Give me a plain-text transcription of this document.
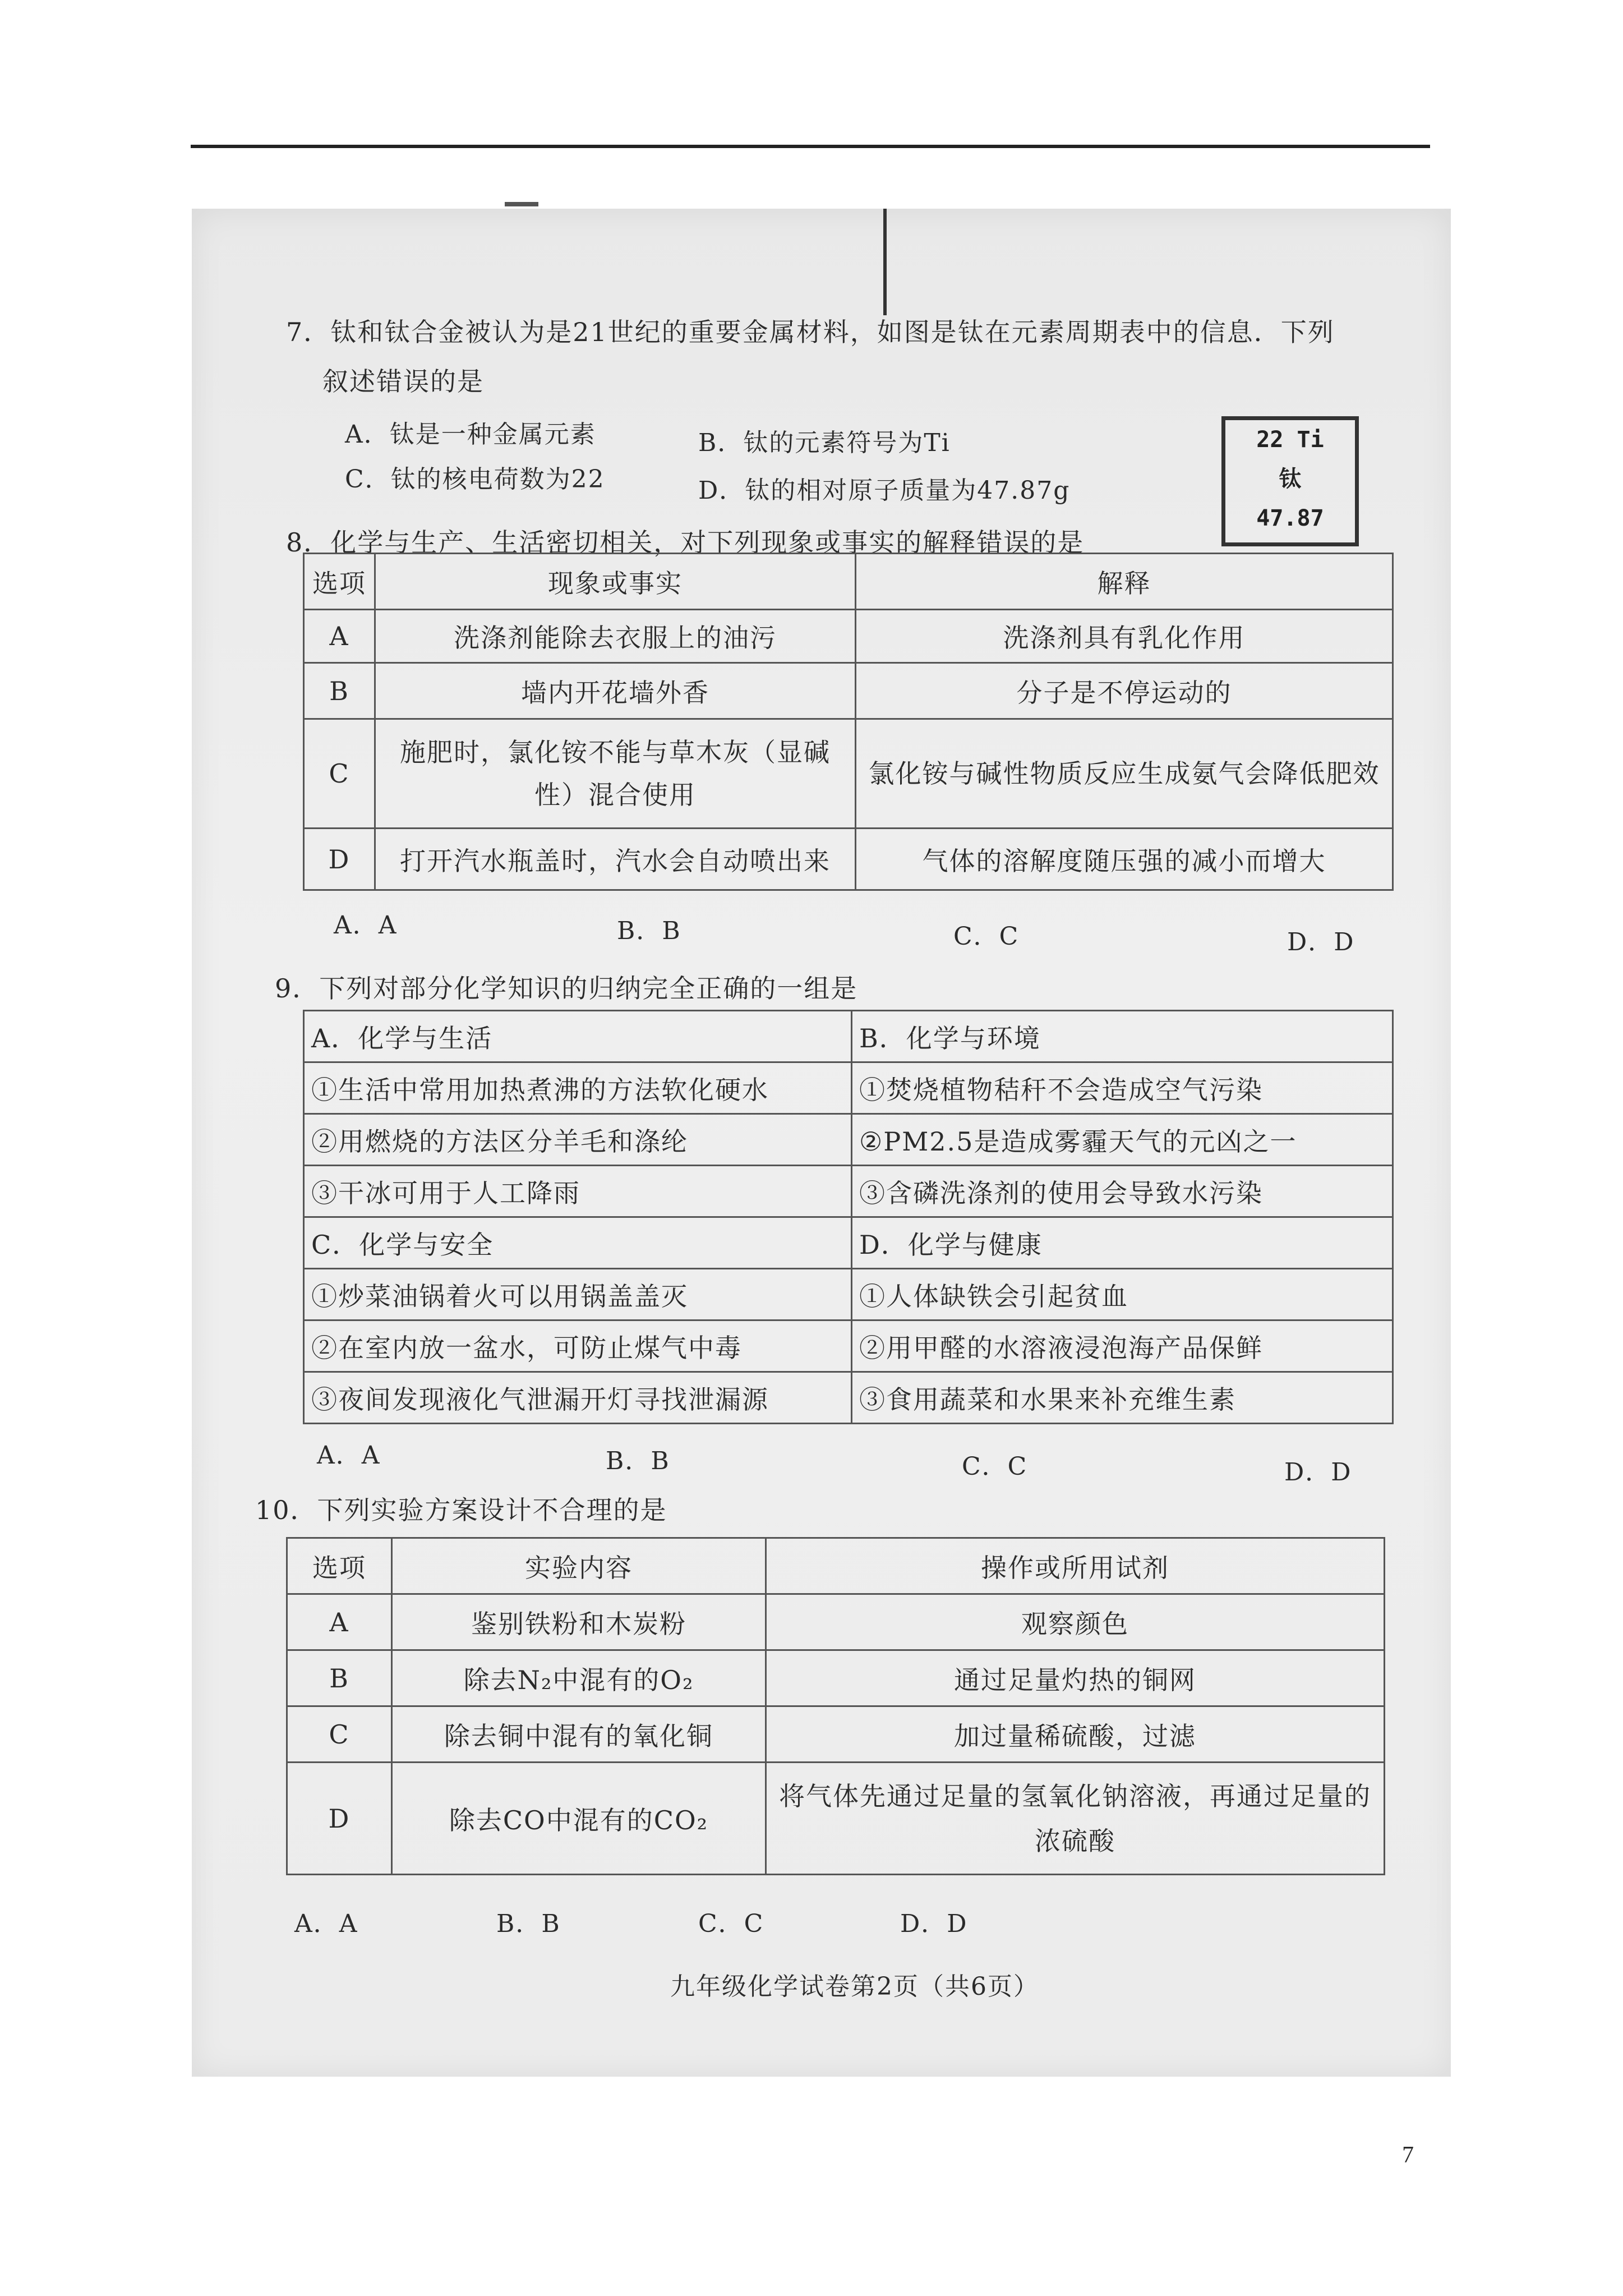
7．钛和钛合金被认为是21世纪的重要金属材料，如图是钛在元素周期表中的信息．下列
叙述错误的是
A．钛是一种金属元素	B．钛的元素符号为Ti
C．钛的核电荷数为22	D．钛的相对原子质量为47.87g
22 Ti
钛
47.87
8．化学与生产、生活密切相关，对下列现象或事实的解释错误的是
选项	现象或事实	解释
A	洗涤剂能除去衣服上的油污	洗涤剂具有乳化作用
B	墙内开花墙外香	分子是不停运动的
C	施肥时，氯化铵不能与草木灰（显碱性）混合使用	氯化铵与碱性物质反应生成氨气会降低肥效
D	打开汽水瓶盖时，汽水会自动喷出来	气体的溶解度随压强的减小而增大
A．A	B．B	C．C	D．D
9．下列对部分化学知识的归纳完全正确的一组是
A．化学与生活	B．化学与环境
①生活中常用加热煮沸的方法软化硬水	①焚烧植物秸秆不会造成空气污染
②用燃烧的方法区分羊毛和涤纶	②PM2.5是造成雾霾天气的元凶之一
③干冰可用于人工降雨	③含磷洗涤剂的使用会导致水污染
C．化学与安全	D．化学与健康
①炒菜油锅着火可以用锅盖盖灭	①人体缺铁会引起贫血
②在室内放一盆水，可防止煤气中毒	②用甲醛的水溶液浸泡海产品保鲜
③夜间发现液化气泄漏开灯寻找泄漏源	③食用蔬菜和水果来补充维生素
A．A	B．B	C．C	D．D
10．下列实验方案设计不合理的是
选项	实验内容	操作或所用试剂
A	鉴别铁粉和木炭粉	观察颜色
B	除去N₂中混有的O₂	通过足量灼热的铜网
C	除去铜中混有的氧化铜	加过量稀硫酸，过滤
D	除去CO中混有的CO₂	将气体先通过足量的氢氧化钠溶液，再通过足量的浓硫酸
A．A	B．B	C．C	D．D
九年级化学试卷第2页（共6页）
7
